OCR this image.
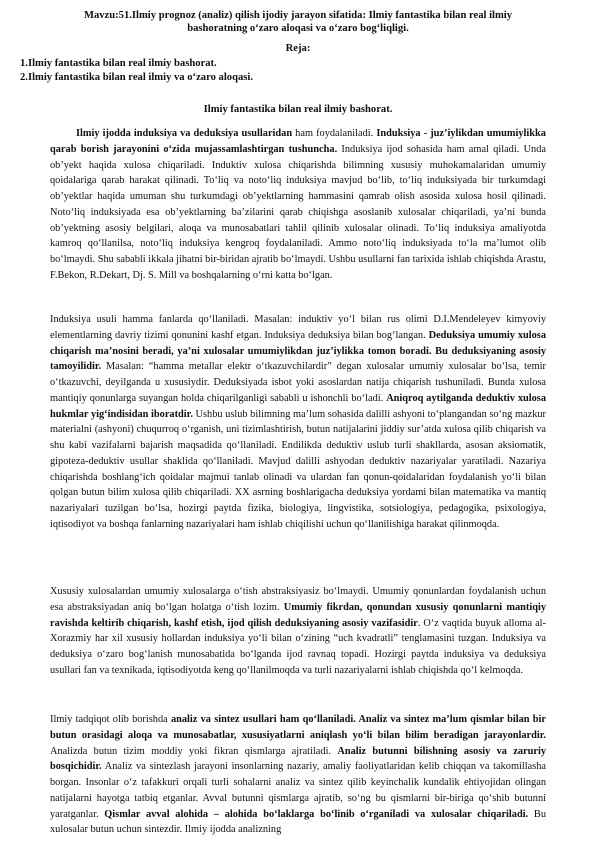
Mavzu:51.Ilmiy prognoz (analiz) qilish ijodiy jarayon sifatida: Ilmiy fantastika bilan real ilmiy
bashoratning o‘zaro aloqasi va o‘zaro bog‘liqligi.
Reja:
1.Ilmiy fantastika bilan real ilmiy bashorat.
2.Ilmiy fantastika bilan real ilmiy va o‘zaro aloqasi.
Ilmiy fantastika bilan real ilmiy bashorat.

Ilmiy ijodda induksiya va deduksiya usullaridan ham foydalaniladi. Induksiya - juz’iylikdan umumiylikka qarab borish jarayonini o‘zida mujassamlashtirgan tushuncha. Induksiya ijod sohasida ham amal qiladi. Unda ob’yekt haqida xulosa chiqariladi. Induktiv xulosa chiqarishda bilimning xususiy muhokamalaridan umumiy qoidalariga qarab harakat qilinadi. To‘liq va noto‘liq induksiya mavjud bo‘lib, to‘liq induksiyada bir turkumdagi ob’yektlar haqida umuman shu turkumdagi ob’yektlarning hammasini qamrab olish asosida xulosa hosil qilinadi. Noto‘liq induksiyada esa ob’yektlarning ba’zilarini qarab chiqishga asoslanib xulosalar chiqariladi, ya’ni bunda ob’yektning asosiy belgilari, aloqa va munosabatlari tahlil qilinib xulosalar olinadi. To‘liq induksiya amaliyotda kamroq qo‘llanilsa, noto‘liq induksiya kengroq foydalaniladi. Ammo noto‘liq induksiyada to‘la ma’lumot olib bo‘lmaydi. Shu sababli ikkala jihatni bir-biridan ajratib bo‘lmaydi. Ushbu usullarni fan tarixida ishlab chiqishda Arastu, F.Bekon, R.Dekart, Dj. S. Mill va boshqalarning o‘rni katta bo‘lgan.

Induksiya usuli hamma fanlarda qo‘llaniladi. Masalan: induktiv yo‘l bilan rus olimi D.I.Mendeleyev kimyoviy elementlarning davriy tizimi qonunini kashf etgan. Induksiya deduksiya bilan bog‘langan. Deduksiya umumiy xulosa chiqarish ma’nosini beradi, ya’ni xulosalar umumiylikdan juz’iylikka tomon boradi. Bu deduksiyaning asosiy tamoyilidir. Masalan: “hamma metallar elektr o‘tkazuvchilardir” degan xulosalar umumiy xulosalar bo‘lsa, temir o‘tkazuvchi, deyilganda u xususiydir. Deduksiyada isbot yoki asoslardan natija chiqarish tushuniladi. Bunda xulosa mantiqiy qonunlarga suyangan holda chiqarilganligi sababli u ishonchli bo‘ladi. Aniqroq aytilganda deduktiv xulosa hukmlar yig‘indisidan iboratdir. Ushbu uslub bilimning ma’lum sohasida dalilli ashyoni to‘plangandan so‘ng mazkur materialni (ashyoni) chuqurroq o‘rganish, uni tizimlashtirish, butun natijalarini jiddiy sur’atda xulosa qilib chiqarish va shu kabi vazifalarni bajarish maqsadida qo‘llaniladi. Endilikda deduktiv uslub turli shakllarda, asosan aksiomatik, gipoteza-deduktiv usullar shaklida qo‘llaniladi. Mavjud dalilli ashyodan deduktiv nazariyalar yaratiladi. Nazariya chiqarishda boshlang‘ich qoidalar majmui tanlab olinadi va ulardan fan qonun-qoidalaridan foydalanish yo‘li bilan qolgan butun bilim xulosa qilib chiqariladi. XX asrning boshlarigacha deduksiya yordami bilan matematika va mantiq nazariyalari tuzilgan bo‘lsa, hozirgi paytda fizika, biologiya, lingvistika, sotsiologiya, pedagogika, psixologiya, iqtisodiyot va boshqa fanlarning nazariyalari ham ishlab chiqilishi uchun qo‘llanilishiga harakat qilinmoqda.

Xususiy xulosalardan umumiy xulosalarga o‘tish abstraksiyasiz bo‘lmaydi. Umumiy qonunlardan foydalanish uchun esa abstraksiyadan aniq bo‘lgan holatga o‘tish lozim. Umumiy fikrdan, qonundan xususiy qonunlarni mantiqiy ravishda keltirib chiqarish, kashf etish, ijod qilish deduksiyaning asosiy vazifasidir. O‘z vaqtida buyuk alloma al- Xorazmiy har xil xususiy hollardan induksiya yo‘li bilan o‘zining “uch kvadratli” tenglamasini tuzgan. Induksiya va deduksiya o‘zaro bog‘lanish munosabatida bo‘lganda ijod ravnaq topadi. Hozirgi paytda induksiya va deduksiya usullari fan va texnikada, iqtisodiyotda keng qo‘llanilmoqda va turli nazariyalarni ishlab chiqishda qo‘l kelmoqda.

Ilmiy tadqiqot olib borishda analiz va sintez usullari ham qo‘llaniladi. Analiz va sintez ma’lum qismlar bilan bir butun orasidagi aloqa va munosabatlar, xususiyatlarni aniqlash yo‘li bilan bilim beradigan jarayonlardir. Analizda butun tizim moddiy yoki fikran qismlarga ajratiladi. Analiz butunni bilishning asosiy va zaruriy bosqichidir. Analiz va sintezlash jarayoni insonlarning nazariy, amaliy faoliyatlaridan kelib chiqqan va takomillasha borgan. Insonlar o‘z tafakkuri orqali turli sohalarni analiz va sintez qilib keyinchalik kundalik ehtiyojidan olingan natijalarni hayotga tatbiq etganlar. Avval butunni qismlarga ajratib, so‘ng bu qismlarni bir-biriga qo‘shib butunni yaratganlar. Qismlar avval alohida – alohida bo‘laklarga bo‘linib o‘rganiladi va xulosalar chiqariladi. Bu xulosalar butun uchun sintezdir. Ilmiy ijodda analizning
